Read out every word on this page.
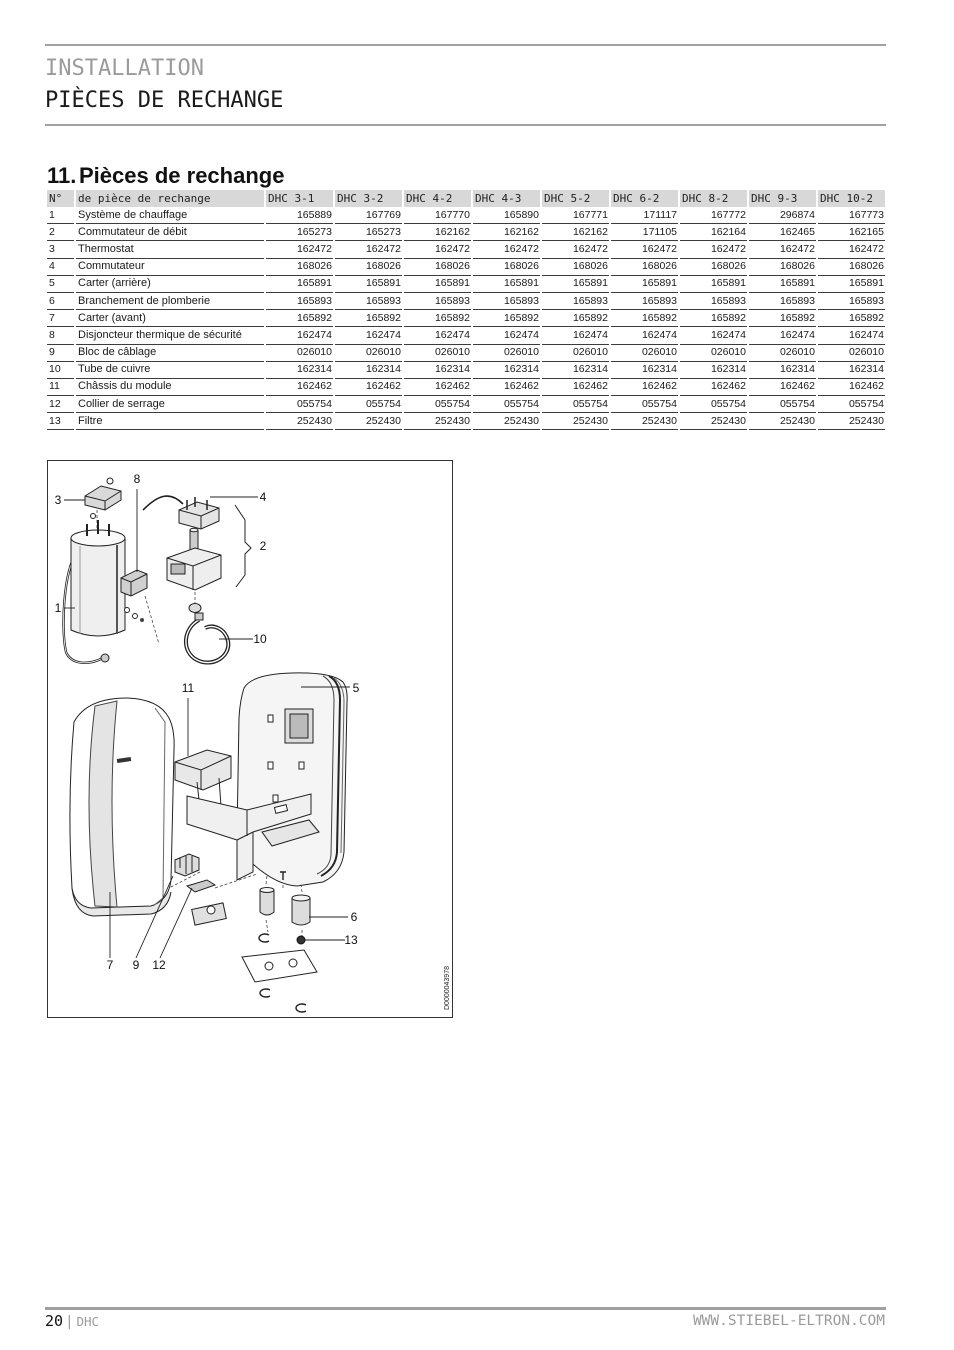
INSTALLATION
PIÈCES DE RECHANGE
11. Pièces de rechange
N°	de pièce de rechange	DHC 3-1	DHC 3-2	DHC 4-2	DHC 4-3	DHC 5-2	DHC 6-2	DHC 8-2	DHC 9-3	DHC 10-2
1	Système de chauffage	165889	167769	167770	165890	167771	171117	167772	296874	167773
2	Commutateur de débit	165273	165273	162162	162162	162162	171105	162164	162465	162165
3	Thermostat	162472	162472	162472	162472	162472	162472	162472	162472	162472
4	Commutateur	168026	168026	168026	168026	168026	168026	168026	168026	168026
5	Carter (arrière)	165891	165891	165891	165891	165891	165891	165891	165891	165891
6	Branchement de plomberie	165893	165893	165893	165893	165893	165893	165893	165893	165893
7	Carter (avant)	165892	165892	165892	165892	165892	165892	165892	165892	165892
8	Disjoncteur thermique de sécurité	162474	162474	162474	162474	162474	162474	162474	162474	162474
9	Bloc de câblage	026010	026010	026010	026010	026010	026010	026010	026010	026010
10	Tube de cuivre	162314	162314	162314	162314	162314	162314	162314	162314	162314
11	Châssis du module	162462	162462	162462	162462	162462	162462	162462	162462	162462
12	Collier de serrage	055754	055754	055754	055754	055754	055754	055754	055754	055754
13	Filtre	252430	252430	252430	252430	252430	252430	252430	252430	252430
8
3	4
2
1
10
11	5
6
13
7 9 12
D0000043978
20 | DHC	WWW.STIEBEL-ELTRON.COM
